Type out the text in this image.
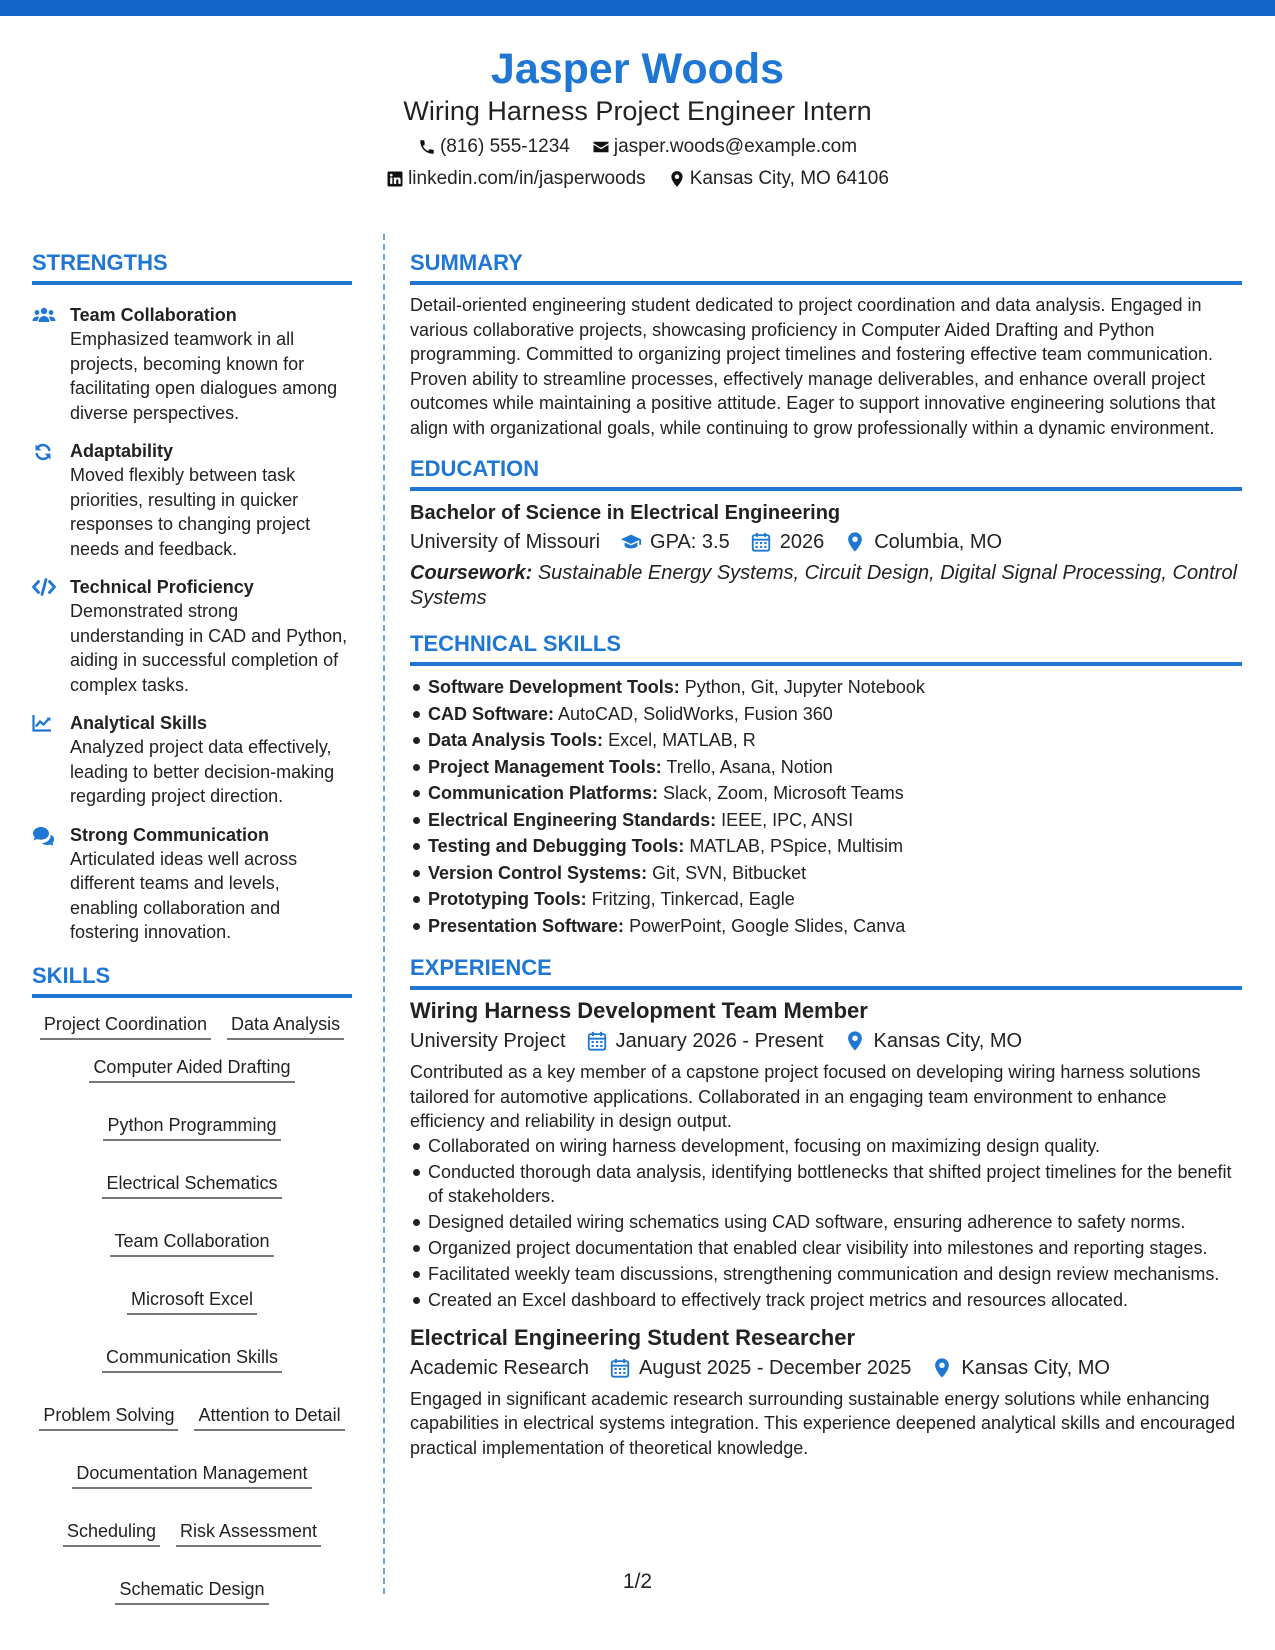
Jasper Woods
Wiring Harness Project Engineer Intern
(816) 555-1234 jasper.woods@example.com
linkedin.com/in/jasperwoods Kansas City, MO 64106
STRENGTHS
Team Collaboration
Emphasized teamwork in all projects, becoming known for facilitating open dialogues among diverse perspectives.
Adaptability
Moved flexibly between task priorities, resulting in quicker responses to changing project needs and feedback.
Technical Proficiency
Demonstrated strong understanding in CAD and Python, aiding in successful completion of complex tasks.
Analytical Skills
Analyzed project data effectively, leading to better decision-making regarding project direction.
Strong Communication
Articulated ideas well across different teams and levels, enabling collaboration and fostering innovation.
SKILLS
Project Coordination Data Analysis
Computer Aided Drafting
Python Programming
Electrical Schematics
Team Collaboration
Microsoft Excel
Communication Skills
Problem Solving Attention to Detail
Documentation Management
Scheduling Risk Assessment
Schematic Design
SUMMARY
Detail-oriented engineering student dedicated to project coordination and data analysis. Engaged in various collaborative projects, showcasing proficiency in Computer Aided Drafting and Python programming. Committed to organizing project timelines and fostering effective team communication. Proven ability to streamline processes, effectively manage deliverables, and enhance overall project outcomes while maintaining a positive attitude. Eager to support innovative engineering solutions that align with organizational goals, while continuing to grow professionally within a dynamic environment.
EDUCATION
Bachelor of Science in Electrical Engineering
University of Missouri	GPA: 3.5	2026	Columbia, MO
Coursework: Sustainable Energy Systems, Circuit Design, Digital Signal Processing, Control Systems
TECHNICAL SKILLS
Software Development Tools: Python, Git, Jupyter Notebook
CAD Software: AutoCAD, SolidWorks, Fusion 360
Data Analysis Tools: Excel, MATLAB, R
Project Management Tools: Trello, Asana, Notion
Communication Platforms: Slack, Zoom, Microsoft Teams
Electrical Engineering Standards: IEEE, IPC, ANSI
Testing and Debugging Tools: MATLAB, PSpice, Multisim
Version Control Systems: Git, SVN, Bitbucket
Prototyping Tools: Fritzing, Tinkercad, Eagle
Presentation Software: PowerPoint, Google Slides, Canva
EXPERIENCE
Wiring Harness Development Team Member
University Project	January 2026 - Present	Kansas City, MO
Contributed as a key member of a capstone project focused on developing wiring harness solutions tailored for automotive applications. Collaborated in an engaging team environment to enhance efficiency and reliability in design output.
Collaborated on wiring harness development, focusing on maximizing design quality.
Conducted thorough data analysis, identifying bottlenecks that shifted project timelines for the benefit of stakeholders.
Designed detailed wiring schematics using CAD software, ensuring adherence to safety norms.
Organized project documentation that enabled clear visibility into milestones and reporting stages.
Facilitated weekly team discussions, strengthening communication and design review mechanisms.
Created an Excel dashboard to effectively track project metrics and resources allocated.
Electrical Engineering Student Researcher
Academic Research	August 2025 - December 2025	Kansas City, MO
Engaged in significant academic research surrounding sustainable energy solutions while enhancing capabilities in electrical systems integration. This experience deepened analytical skills and encouraged practical implementation of theoretical knowledge.
1/2
